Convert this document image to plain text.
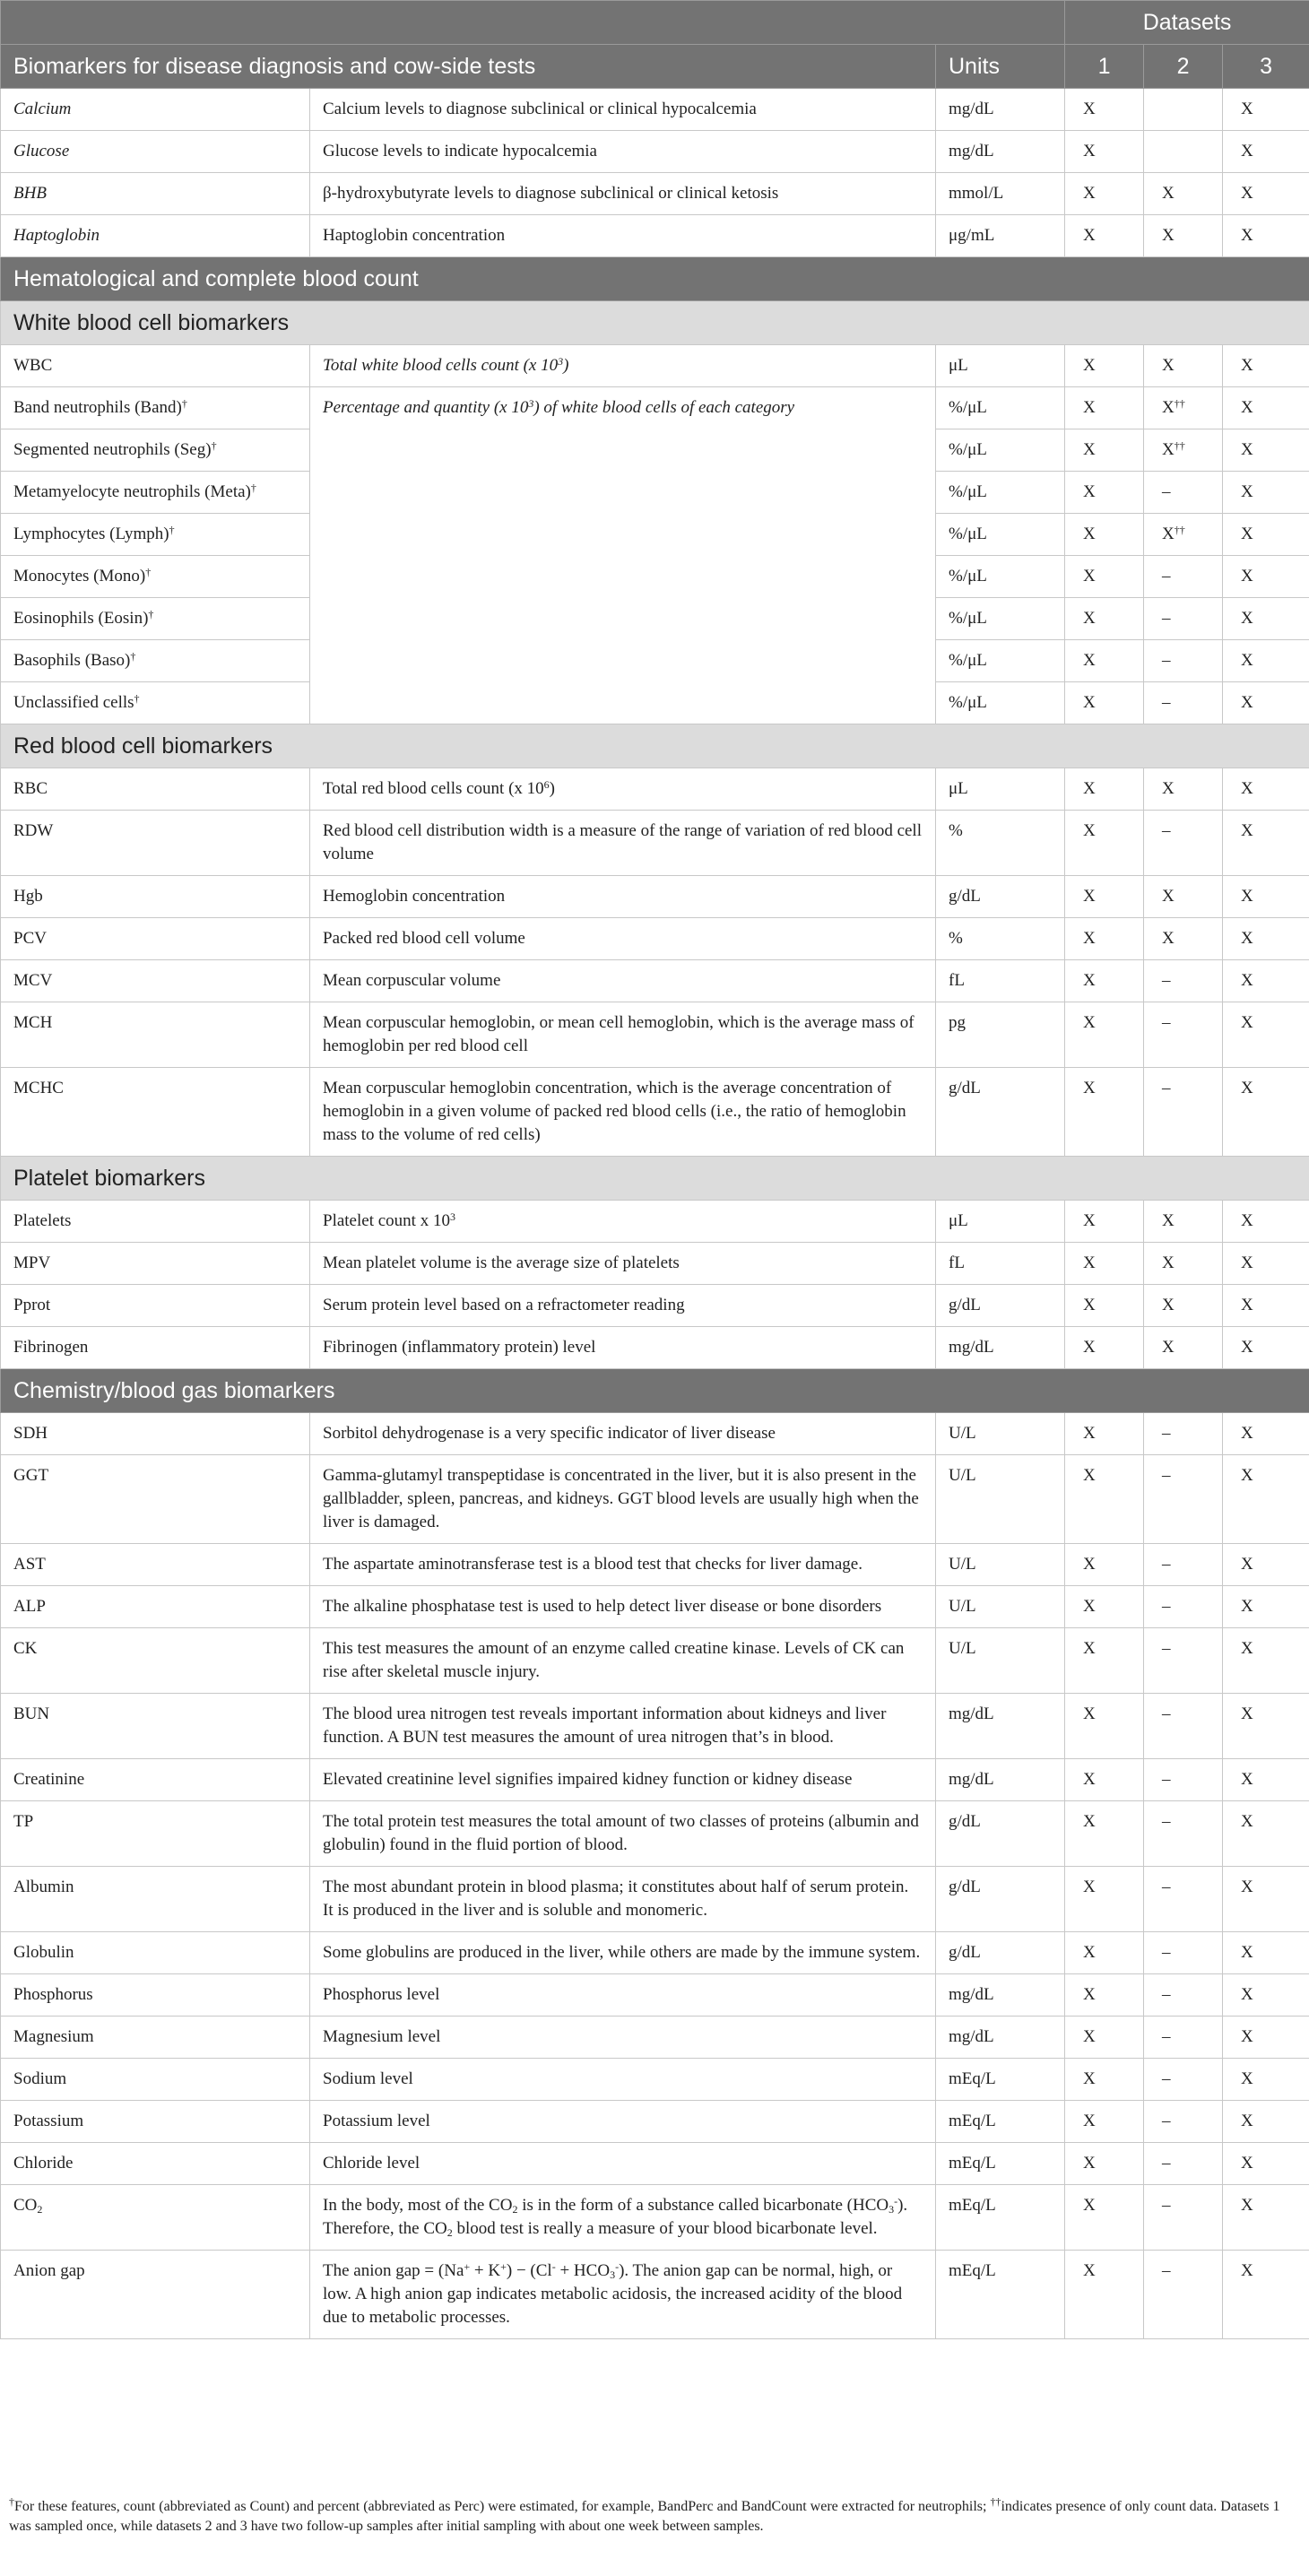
			Datasets		
Biomarkers for disease diagnosis and cow-side tests		Units	1	2	3
Calcium	Calcium levels to diagnose subclinical or clinical hypocalcemia	mg/dL	X		X
Glucose	Glucose levels to indicate hypocalcemia	mg/dL	X		X
BHB	β-hydroxybutyrate levels to diagnose subclinical or clinical ketosis	mmol/L	X	X	X
Haptoglobin	Haptoglobin concentration	μg/mL	X	X	X
Hematological and complete blood count					
White blood cell biomarkers					
WBC	Total white blood cells count (x $10^3$)	μL	X	X	X
Band neutrophils (Band)†	Percentage and quantity (x $10^3$) of white blood cells of each category	%/μL	X	X††	X
Segmented neutrophils (Seg)†		%/μL	X	X††	X
Metamyelocyte neutrophils (Meta)†		%/μL	X	–	X
Lymphocytes (Lymph)†		%/μL	X	X††	X
Monocytes (Mono)†		%/μL	X	–	X
Eosinophils (Eosin)†		%/μL	X	–	X
Basophils (Baso)†		%/μL	X	–	X
Unclassified cells†		%/μL	X	–	X
Red blood cell biomarkers					
RBC	Total red blood cells count (x $10^6$)	μL	X	X	X
RDW	Red blood cell distribution width is a measure of the range of variation of red blood cell volume	%	X	–	X
Hgb	Hemoglobin concentration	g/dL	X	X	X
PCV	Packed red blood cell volume	%	X	X	X
MCV	Mean corpuscular volume	fL	X	–	X
MCH	Mean corpuscular hemoglobin, or mean cell hemoglobin, which is the average mass of hemoglobin per red blood cell	pg	X	–	X
MCHC	Mean corpuscular hemoglobin concentration, which is the average concentration of hemoglobin in a given volume of packed red blood cells (i.e., the ratio of hemoglobin mass to the volume of red cells)	g/dL	X	–	X
Platelet biomarkers					
Platelets	Platelet count x $10^3$	μL	X	X	X
MPV	Mean platelet volume is the average size of platelets	fL	X	X	X
Pprot	Serum protein level based on a refractometer reading	g/dL	X	X	X
Fibrinogen	Fibrinogen (inflammatory protein) level	mg/dL	X	X	X
Chemistry/blood gas biomarkers					
SDH	Sorbitol dehydrogenase is a very specific indicator of liver disease	U/L	X	–	X
GGT	Gamma-glutamyl transpeptidase is concentrated in the liver, but it is also present in the gallbladder, spleen, pancreas, and kidneys. GGT blood levels are usually high when the liver is damaged.	U/L	X	–	X
AST	The aspartate aminotransferase test is a blood test that checks for liver damage.	U/L	X	–	X
ALP	The alkaline phosphatase test is used to help detect liver disease or bone disorders	U/L	X	–	X
CK	This test measures the amount of an enzyme called creatine kinase. Levels of CK can rise after skeletal muscle injury.	U/L	X	–	X
BUN	The blood urea nitrogen test reveals important information about kidneys and liver function. A BUN test measures the amount of urea nitrogen that’s in blood.	mg/dL	X	–	X
Creatinine	Elevated creatinine level signifies impaired kidney function or kidney disease	mg/dL	X	–	X
TP	The total protein test measures the total amount of two classes of proteins (albumin and globulin) found in the fluid portion of blood.	g/dL	X	–	X
Albumin	The most abundant protein in blood plasma; it constitutes about half of serum protein. It is produced in the liver and is soluble and monomeric.	g/dL	X	–	X
Globulin	Some globulins are produced in the liver, while others are made by the immune system.	g/dL	X	–	X
Phosphorus	Phosphorus level	mg/dL	X	–	X
Magnesium	Magnesium level	mg/dL	X	–	X
Sodium	Sodium level	mEq/L	X	–	X
Potassium	Potassium level	mEq/L	X	–	X
Chloride	Chloride level	mEq/L	X	–	X
$CO_2$	In the body, most of the $CO_2$ is in the form of a substance called bicarbonate $(HCO_3^-)$. Therefore, the $CO_2$ blood test is really a measure of your blood bicarbonate level.	mEq/L	X	–	X
Anion gap	The anion gap = $(Na^+ + K^+) - (Cl^- + HCO_3^-)$. The anion gap can be normal, high, or low. A high anion gap indicates metabolic acidosis, the increased acidity of the blood due to metabolic processes.	mEq/L	X	–	X

†For these features, count (abbreviated as Count) and percent (abbreviated as Perc) were estimated, for example, BandPerc and BandCount were extracted for neutrophils; ††indicates presence of only count data. Datasets 1 was sampled once, while datasets 2 and 3 have two follow-up samples after initial sampling with about one week between samples.
